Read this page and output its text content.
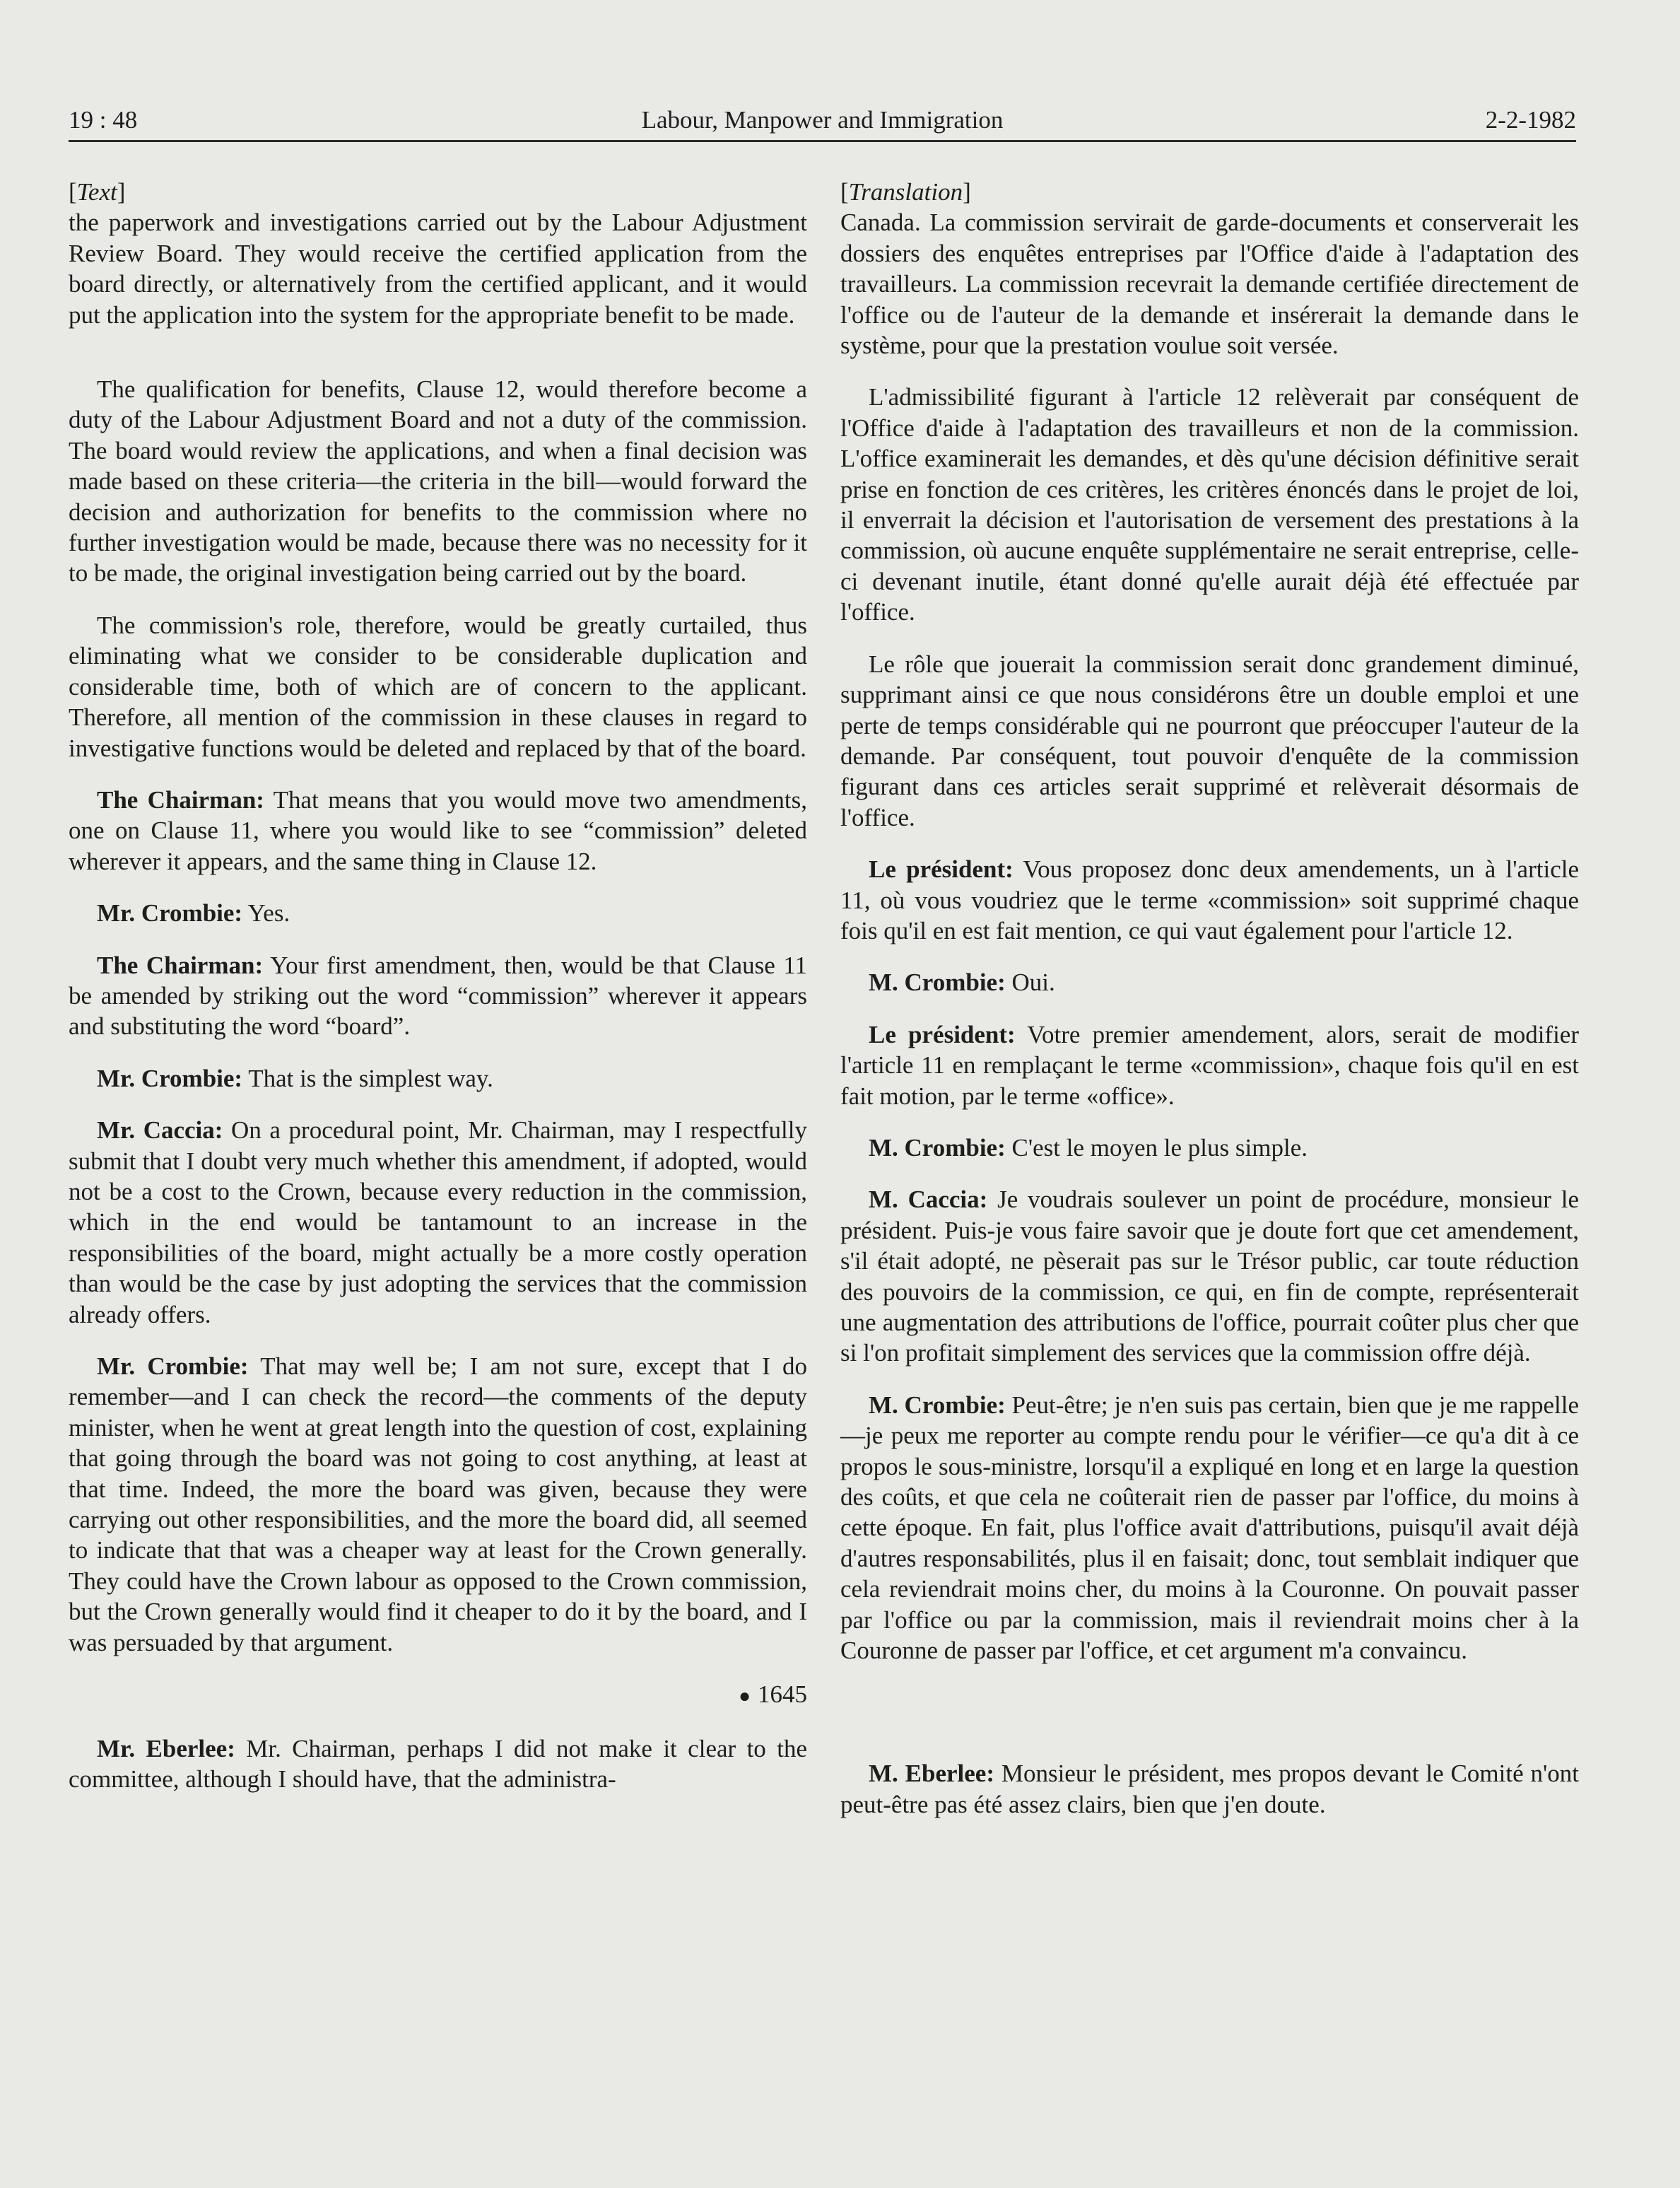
19 : 48	Labour, Manpower and Immigration	2-2-1982

[Text]

the paperwork and investigations carried out by the Labour Adjustment Review Board. They would receive the certified application from the board directly, or alternatively from the certified applicant, and it would put the application into the system for the appropriate benefit to be made.

The qualification for benefits, Clause 12, would therefore become a duty of the Labour Adjustment Board and not a duty of the commission. The board would review the applications, and when a final decision was made based on these criteria—the criteria in the bill—would forward the decision and authorization for benefits to the commission where no further investigation would be made, because there was no necessity for it to be made, the original investigation being carried out by the board.

The commission's role, therefore, would be greatly curtailed, thus eliminating what we consider to be considerable duplication and considerable time, both of which are of concern to the applicant. Therefore, all mention of the commission in these clauses in regard to investigative functions would be deleted and replaced by that of the board.

The Chairman: That means that you would move two amendments, one on Clause 11, where you would like to see “commission” deleted wherever it appears, and the same thing in Clause 12.

Mr. Crombie: Yes.

The Chairman: Your first amendment, then, would be that Clause 11 be amended by striking out the word “commission” wherever it appears and substituting the word “board”.

Mr. Crombie: That is the simplest way.

Mr. Caccia: On a procedural point, Mr. Chairman, may I respectfully submit that I doubt very much whether this amendment, if adopted, would not be a cost to the Crown, because every reduction in the commission, which in the end would be tantamount to an increase in the responsibilities of the board, might actually be a more costly operation than would be the case by just adopting the services that the commission already offers.

Mr. Crombie: That may well be; I am not sure, except that I do remember—and I can check the record—the comments of the deputy minister, when he went at great length into the question of cost, explaining that going through the board was not going to cost anything, at least at that time. Indeed, the more the board was given, because they were carrying out other responsibilities, and the more the board did, all seemed to indicate that that was a cheaper way at least for the Crown generally. They could have the Crown labour as opposed to the Crown commission, but the Crown generally would find it cheaper to do it by the board, and I was persuaded by that argument.

● 1645

Mr. Eberlee: Mr. Chairman, perhaps I did not make it clear to the committee, although I should have, that the administra-

[Translation]

Canada. La commission servirait de garde-documents et conserverait les dossiers des enquêtes entreprises par l'Office d'aide à l'adaptation des travailleurs. La commission recevrait la demande certifiée directement de l'office ou de l'auteur de la demande et insérerait la demande dans le système, pour que la prestation voulue soit versée.

L'admissibilité figurant à l'article 12 relèverait par conséquent de l'Office d'aide à l'adaptation des travailleurs et non de la commission. L'office examinerait les demandes, et dès qu'une décision définitive serait prise en fonction de ces critères, les critères énoncés dans le projet de loi, il enverrait la décision et l'autorisation de versement des prestations à la commission, où aucune enquête supplémentaire ne serait entreprise, celle-ci devenant inutile, étant donné qu'elle aurait déjà été effectuée par l'office.

Le rôle que jouerait la commission serait donc grandement diminué, supprimant ainsi ce que nous considérons être un double emploi et une perte de temps considérable qui ne pourront que préoccuper l'auteur de la demande. Par conséquent, tout pouvoir d'enquête de la commission figurant dans ces articles serait supprimé et relèverait désormais de l'office.

Le président: Vous proposez donc deux amendements, un à l'article 11, où vous voudriez que le terme «commission» soit supprimé chaque fois qu'il en est fait mention, ce qui vaut également pour l'article 12.

M. Crombie: Oui.

Le président: Votre premier amendement, alors, serait de modifier l'article 11 en remplaçant le terme «commission», chaque fois qu'il en est fait motion, par le terme «office».

M. Crombie: C'est le moyen le plus simple.

M. Caccia: Je voudrais soulever un point de procédure, monsieur le président. Puis-je vous faire savoir que je doute fort que cet amendement, s'il était adopté, ne pèserait pas sur le Trésor public, car toute réduction des pouvoirs de la commission, ce qui, en fin de compte, représenterait une augmentation des attributions de l'office, pourrait coûter plus cher que si l'on profitait simplement des services que la commission offre déjà.

M. Crombie: Peut-être; je n'en suis pas certain, bien que je me rappelle—je peux me reporter au compte rendu pour le vérifier—ce qu'a dit à ce propos le sous-ministre, lorsqu'il a expliqué en long et en large la question des coûts, et que cela ne coûterait rien de passer par l'office, du moins à cette époque. En fait, plus l'office avait d'attributions, puisqu'il avait déjà d'autres responsabilités, plus il en faisait; donc, tout semblait indiquer que cela reviendrait moins cher, du moins à la Couronne. On pouvait passer par l'office ou par la commission, mais il reviendrait moins cher à la Couronne de passer par l'office, et cet argument m'a convaincu.

M. Eberlee: Monsieur le président, mes propos devant le Comité n'ont peut-être pas été assez clairs, bien que j'en doute.
